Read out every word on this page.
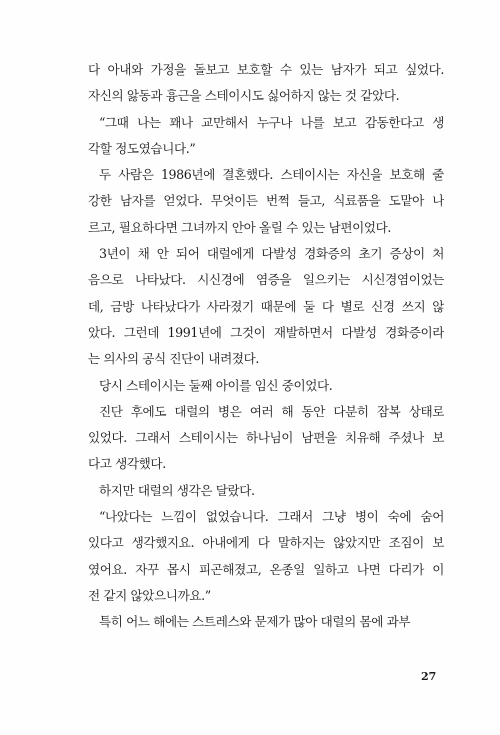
다 아내와 가정을 돌보고 보호할 수 있는 남자가 되고 싶었다.
자신의 앓동과 흉근을 스테이시도 싫어하지 않는 것 같았다.
“그때 나는 꽤나 교만해서 누구나 나를 보고 감동한다고 생
각할 정도였습니다.”
두 사람은 1986년에 결혼했다. 스테이시는 자신을 보호해 줄
강한 남자를 얻었다. 무엇이든 번쩍 들고, 식료품을 도맡아 나
르고, 필요하다면 그녀까지 안아 올릴 수 있는 남편이었다.
3년이 채 안 되어 대럴에게 다발성 경화증의 초기 증상이 처
음으로 나타났다. 시신경에 염증을 일으키는 시신경염이었는
데, 금방 나타났다가 사라졌기 때문에 둘 다 별로 신경 쓰지 않
았다. 그런데 1991년에 그것이 재발하면서 다발성 경화증이라
는 의사의 공식 진단이 내려졌다.
당시 스테이시는 둘째 아이를 임신 중이었다.
진단 후에도 대럴의 병은 여러 해 동안 다분히 잠복 상태로
있었다. 그래서 스테이시는 하나님이 남편을 치유해 주셨나 보
다고 생각했다.
하지만 대럴의 생각은 달랐다.
“나았다는 느낌이 없었습니다. 그래서 그냥 병이 숙에 숨어
있다고 생각했지요. 아내에게 다 말하지는 않았지만 조짐이 보
였어요. 자꾸 몹시 피곤해졌고, 온종일 일하고 나면 다리가 이
전 같지 않았으니까요.”
특히 어느 해에는 스트레스와 문제가 많아 대럴의 몸에 과부
27
